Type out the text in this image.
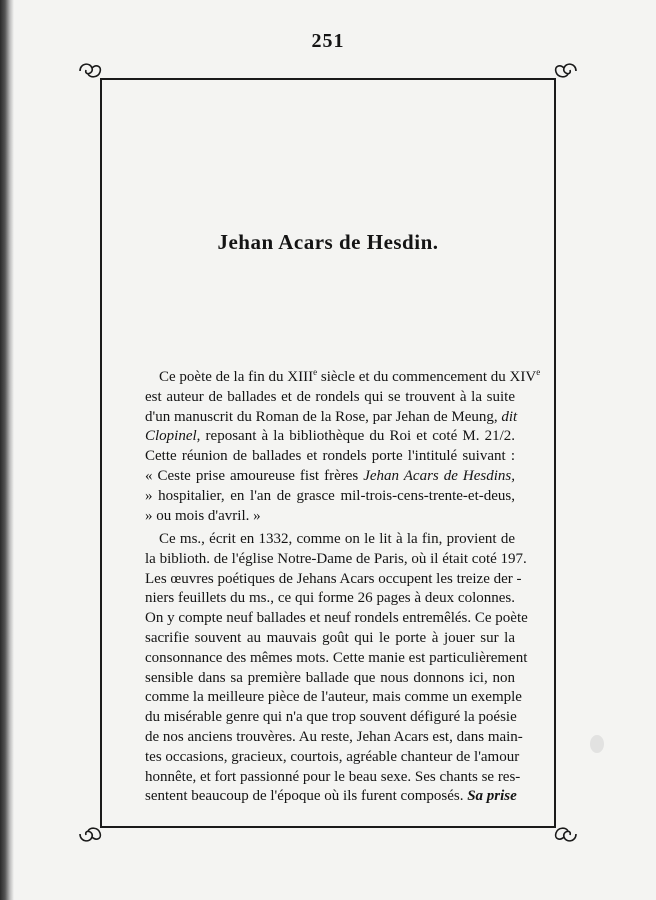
251
Jehan Acars de Hesdin.
Ce poète de la fin du XIIIe siècle et du commencement du XIVe
est auteur de ballades et de rondels qui se trouvent à la suite
d'un manuscrit du Roman de la Rose, par Jehan de Meung, dit
Clopinel, reposant à la bibliothèque du Roi et coté M. 21/2.
Cette réunion de ballades et rondels porte l'intitulé suivant :
« Ceste prise amoureuse fist frères Jehan Acars de Hesdins,
» hospitalier, en l'an de grasce mil-trois-cens-trente-et-deus,
» ou mois d'avril. »
Ce ms., écrit en 1332, comme on le lit à la fin, provient de
la biblioth. de l'église Notre-Dame de Paris, où il était coté 197.
Les œuvres poétiques de Jehans Acars occupent les treize der -
niers feuillets du ms., ce qui forme 26 pages à deux colonnes.
On y compte neuf ballades et neuf rondels entremêlés. Ce poète
sacrifie souvent au mauvais goût qui le porte à jouer sur la
consonnance des mêmes mots. Cette manie est particulièrement
sensible dans sa première ballade que nous donnons ici, non
comme la meilleure pièce de l'auteur, mais comme un exemple
du misérable genre qui n'a que trop souvent défiguré la poésie
de nos anciens trouvères. Au reste, Jehan Acars est, dans main-
tes occasions, gracieux, courtois, agréable chanteur de l'amour
honnête, et fort passionné pour le beau sexe. Ses chants se res-
sentent beaucoup de l'époque où ils furent composés. Sa prise
